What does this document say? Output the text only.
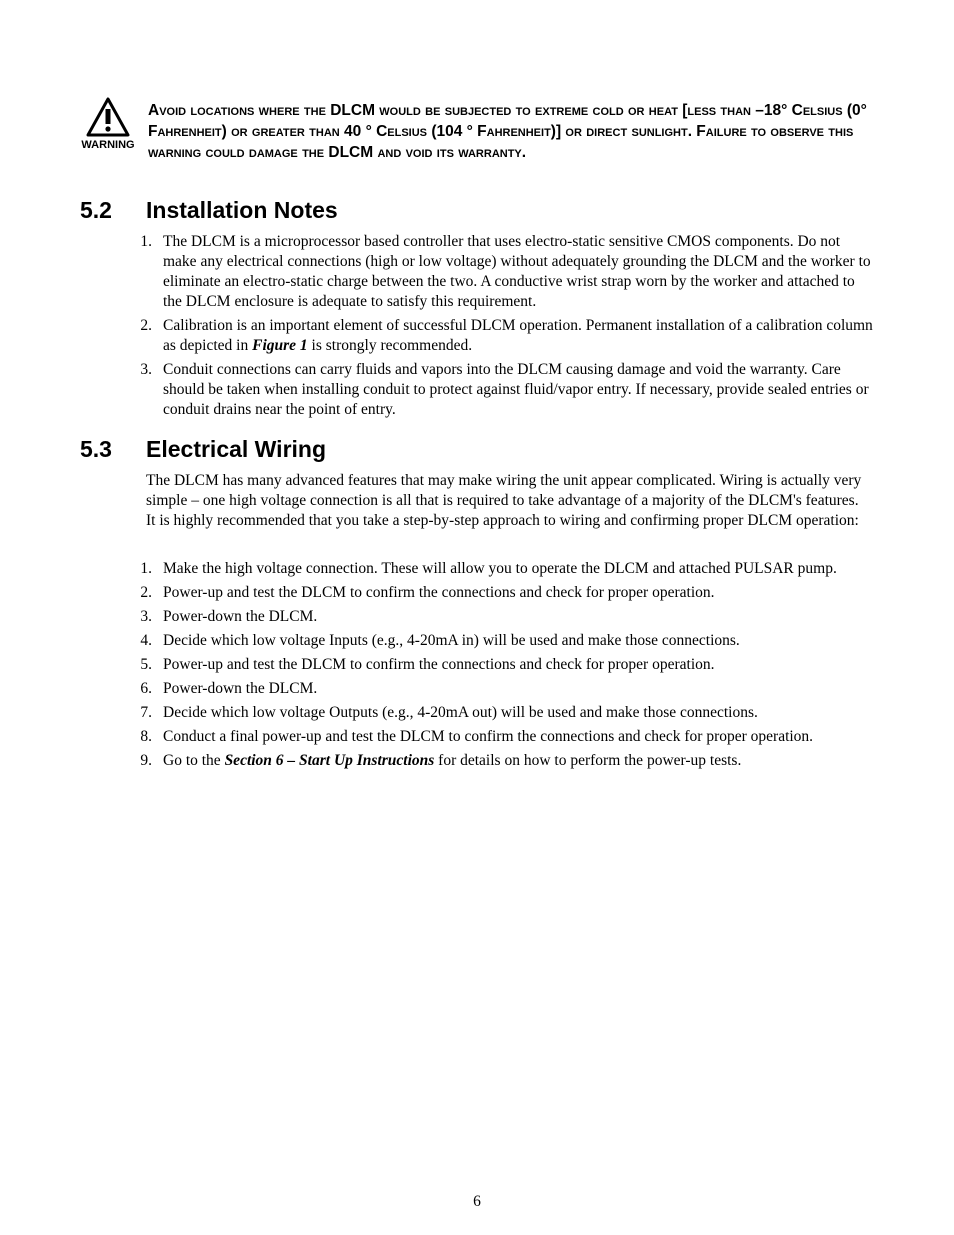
WARNING
Avoid locations where the DLCM would be subjected to extreme cold or heat [less than –18° Celsius (0° Fahrenheit) or greater than 40 ° Celsius (104 ° Fahrenheit)] or direct sunlight. Failure to observe this warning could damage the DLCM and void its warranty.
5.2 Installation Notes
1. The DLCM is a microprocessor based controller that uses electro-static sensitive CMOS components. Do not make any electrical connections (high or low voltage) without adequately grounding the DLCM and the worker to eliminate an electro-static charge between the two. A conductive wrist strap worn by the worker and attached to the DLCM enclosure is adequate to satisfy this requirement.
2. Calibration is an important element of successful DLCM operation. Permanent installation of a calibration column as depicted in Figure 1 is strongly recommended.
3. Conduit connections can carry fluids and vapors into the DLCM causing damage and void the warranty. Care should be taken when installing conduit to protect against fluid/vapor entry. If necessary, provide sealed entries or conduit drains near the point of entry.
5.3 Electrical Wiring
The DLCM has many advanced features that may make wiring the unit appear complicated. Wiring is actually very simple – one high voltage connection is all that is required to take advantage of a majority of the DLCM's features. It is highly recommended that you take a step-by-step approach to wiring and confirming proper DLCM operation:
1. Make the high voltage connection. These will allow you to operate the DLCM and attached PULSAR pump.
2. Power-up and test the DLCM to confirm the connections and check for proper operation.
3. Power-down the DLCM.
4. Decide which low voltage Inputs (e.g., 4-20mA in) will be used and make those connections.
5. Power-up and test the DLCM to confirm the connections and check for proper operation.
6. Power-down the DLCM.
7. Decide which low voltage Outputs (e.g., 4-20mA out) will be used and make those connections.
8. Conduct a final power-up and test the DLCM to confirm the connections and check for proper operation.
9. Go to the Section 6 – Start Up Instructions for details on how to perform the power-up tests.
6
